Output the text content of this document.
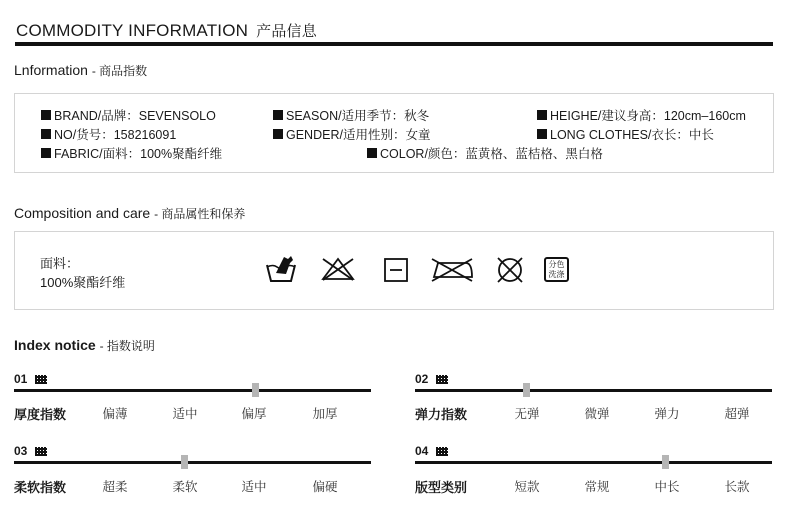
COMMODITY INFORMATION 产品信息
Lnformation - 商品指数
BRAND/品牌：SEVENSOLO	SEASON/适用季节：秋冬	HEIGHE/建议身高：120cm–160cm
NO/货号：158216091	GENDER/适用性别：女童	LONG CLOTHES/衣长：中长
FABRIC/面料：100%聚酯纤维	COLOR/颜色：蓝黄格、蓝桔格、黑白格
Composition and care - 商品属性和保养
面料：
100%聚酯纤维
分色
洗涤
Index notice - 指数说明
01
厚度指数	偏薄	适中	偏厚	加厚
02
弹力指数	无弹	微弹	弹力	超弹
03
柔软指数	超柔	柔软	适中	偏硬
04
版型类别	短款	常规	中长	长款
